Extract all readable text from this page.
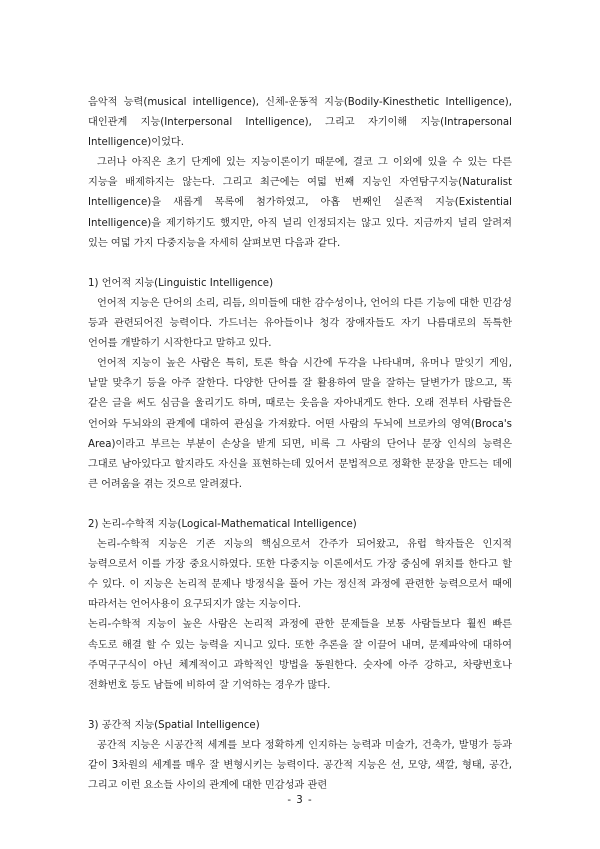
음악적 능력(musical intelligence), 신체-운동적 지능(Bodily-Kinesthetic Intelligence), 대인관계 지능(Interpersonal Intelligence), 그리고 자기이해 지능(Intrapersonal Intelligence)이었다.

그러나 아직은 초기 단계에 있는 지능이론이기 때문에, 결코 그 이외에 있을 수 있는 다른 지능을 배제하지는 않는다. 그리고 최근에는 여덟 번째 지능인 자연탐구지능(Naturalist Intelligence)을 새롭게 목록에 첨가하였고, 아홉 번째인 실존적 지능(Existential Intelligence)을 제기하기도 했지만, 아직 널리 인정되지는 않고 있다. 지금까지 널리 알려져 있는 여덟 가지 다중지능을 자세히 살펴보면 다음과 같다.

1) 언어적 지능(Linguistic Intelligence)

언어적 지능은 단어의 소리, 리듬, 의미들에 대한 감수성이나, 언어의 다른 기능에 대한 민감성 등과 관련되어진 능력이다. 가드너는 유아들이나 청각 장애자들도 자기 나름대로의 독특한 언어를 개발하기 시작한다고 말하고 있다.

언어적 지능이 높은 사람은 특히, 토론 학습 시간에 두각을 나타내며, 유머나 말잇기 게임, 낱말 맞추기 등을 아주 잘한다. 다양한 단어를 잘 활용하여 말을 잘하는 달변가가 많으고, 똑 같은 글을 써도 심금을 울리기도 하며, 때로는 웃음을 자아내게도 한다. 오래 전부터 사람들은 언어와 두뇌와의 관계에 대하여 관심을 가져왔다. 어떤 사람의 두뇌에 브로카의 영역(Broca's Area)이라고 부르는 부분이 손상을 받게 되면, 비록 그 사람의 단어나 문장 인식의 능력은 그대로 남아있다고 할지라도 자신을 표현하는데 있어서 문법적으로 정확한 문장을 만드는 데에 큰 어려움을 겪는 것으로 알려졌다.

2) 논리-수학적 지능(Logical-Mathematical Intelligence)

논리-수학적 지능은 기존 지능의 핵심으로서 간주가 되어왔고, 유럽 학자들은 인지적 능력으로서 이를 가장 중요시하였다. 또한 다중지능 이론에서도 가장 중심에 위치를 한다고 할 수 있다. 이 지능은 논리적 문제나 방정식을 풀어 가는 정신적 과정에 관련한 능력으로서 때에 따라서는 언어사용이 요구되지가 않는 지능이다.

논리-수학적 지능이 높은 사람은 논리적 과정에 관한 문제들을 보통 사람들보다 훨씬 빠른 속도로 해결 할 수 있는 능력을 지니고 있다. 또한 추론을 잘 이끌어 내며, 문제파악에 대하여 주먹구구식이 아닌 체계적이고 과학적인 방법을 동원한다. 숫자에 아주 강하고, 차량번호나 전화번호 등도 남들에 비하여 잘 기억하는 경우가 많다.

3) 공간적 지능(Spatial Intelligence)

공간적 지능은 시공간적 세계를 보다 정확하게 인지하는 능력과 미술가, 건축가, 발명가 등과 같이 3차원의 세계를 매우 잘 변형시키는 능력이다. 공간적 지능은 선, 모양, 색깔, 형태, 공간, 그리고 이런 요소들 사이의 관계에 대한 민감성과 관련

- 3 -
